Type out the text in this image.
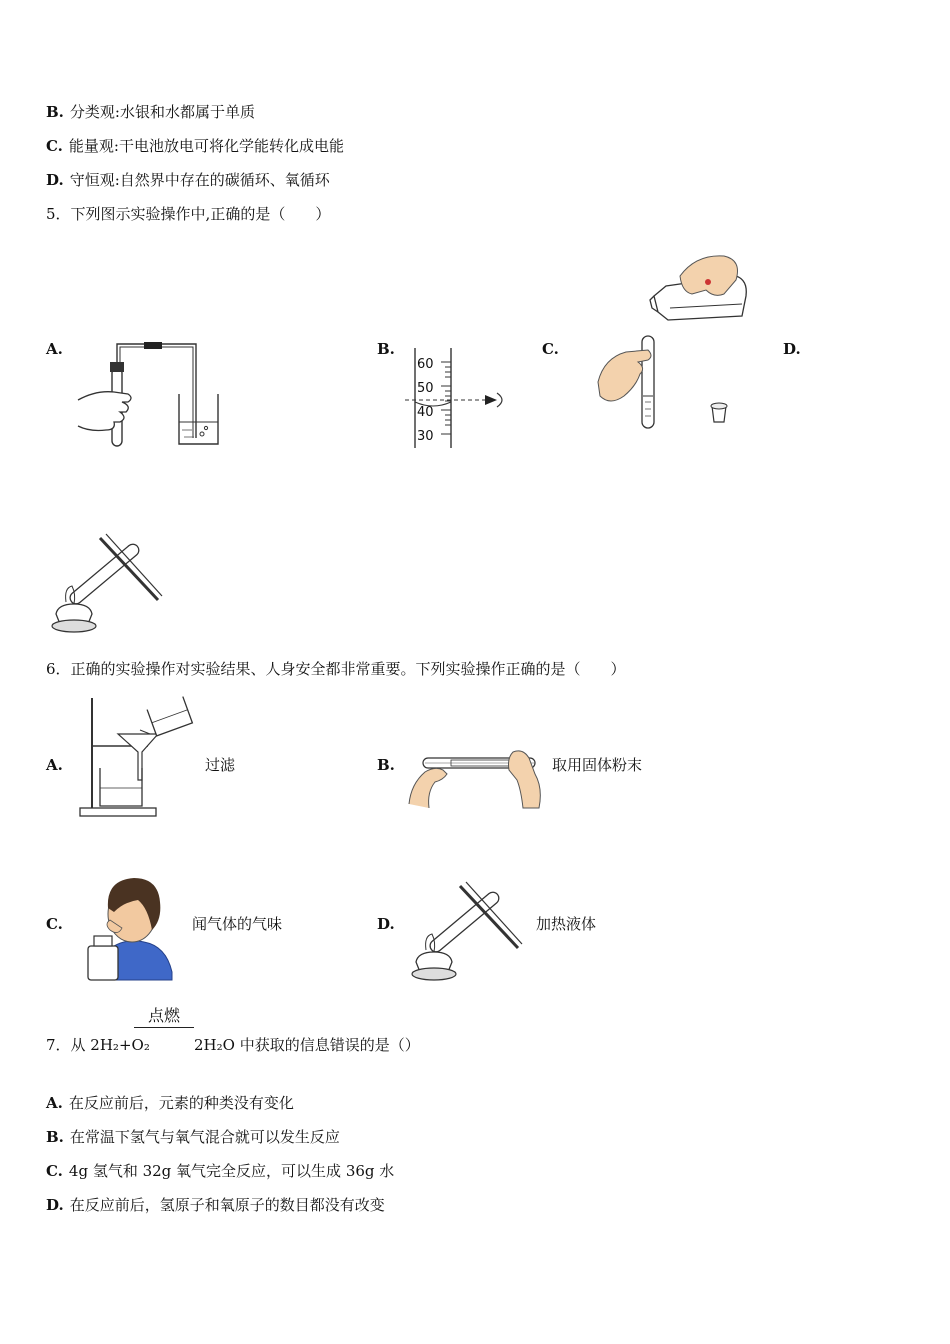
B. 分类观:水银和水都属于单质
C. 能量观:干电池放电可将化学能转化成电能
D. 守恒观:自然界中存在的碳循环、氧循环
5．下列图示实验操作中,正确的是（　　）
A.	B.
60
50
40
30
C.	D.
6．正确的实验操作对实验结果、人身安全都非常重要。下列实验操作正确的是（　　）
A.	过滤	B.	取用固体粉末
C.	闻气体的气味	D.	加热液体
点燃
7．从 2H₂+O₂	2H₂O 中获取的信息错误的是（）
A. 在反应前后，元素的种类没有变化
B. 在常温下氢气与氧气混合就可以发生反应
C. 4g 氢气和 32g 氧气完全反应，可以生成 36g 水
D. 在反应前后，氢原子和氧原子的数目都没有改变
